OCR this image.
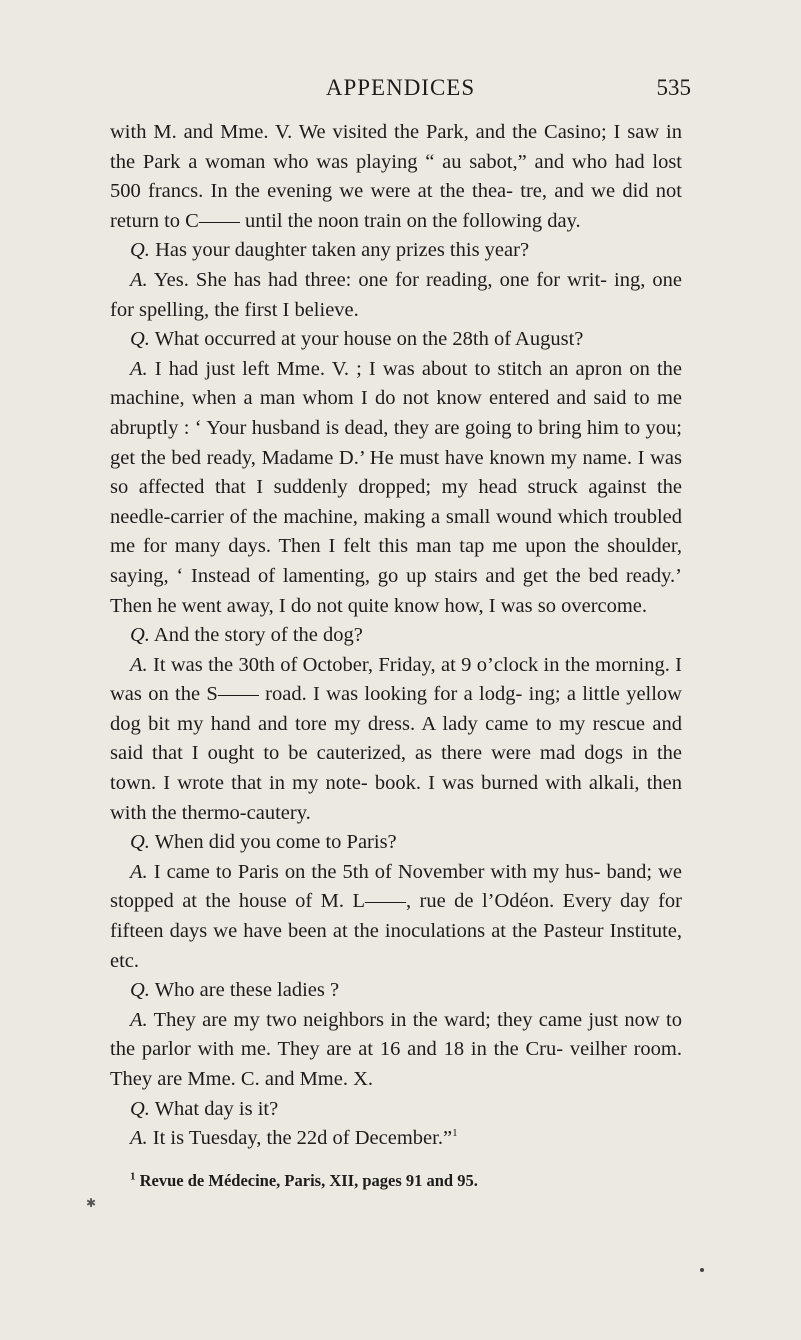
APPENDICES	535

with M. and Mme. V. We visited the Park, and the Casino; I saw in the Park a woman who was playing “ au sabot,” and who had lost 500 francs. In the evening we were at the thea- tre, and we did not return to C—— until the noon train on the following day.

Q. Has your daughter taken any prizes this year?

A. Yes. She has had three: one for reading, one for writ- ing, one for spelling, the first I believe.

Q. What occurred at your house on the 28th of August?

A. I had just left Mme. V. ; I was about to stitch an apron on the machine, when a man whom I do not know entered and said to me abruptly : ‘ Your husband is dead, they are going to bring him to you; get the bed ready, Madame D.’ He must have known my name. I was so affected that I suddenly dropped; my head struck against the needle-carrier of the machine, making a small wound which troubled me for many days. Then I felt this man tap me upon the shoulder, saying, ‘ Instead of lamenting, go up stairs and get the bed ready.’ Then he went away, I do not quite know how, I was so overcome.

Q. And the story of the dog?

A. It was the 30th of October, Friday, at 9 o’clock in the morning. I was on the S—— road. I was looking for a lodg- ing; a little yellow dog bit my hand and tore my dress. A lady came to my rescue and said that I ought to be cauterized, as there were mad dogs in the town. I wrote that in my note- book. I was burned with alkali, then with the thermo-cautery.

Q. When did you come to Paris?

A. I came to Paris on the 5th of November with my hus- band; we stopped at the house of M. L——, rue de l’Odéon. Every day for fifteen days we have been at the inoculations at the Pasteur Institute, etc.

Q. Who are these ladies ?

A. They are my two neighbors in the ward; they came just now to the parlor with me. They are at 16 and 18 in the Cru- veilher room. They are Mme. C. and Mme. X.

Q. What day is it?

A. It is Tuesday, the 22d of December.”$^1$

$^1$ Revue de Médecine, Paris, XII, pages 91 and 95.
✱
